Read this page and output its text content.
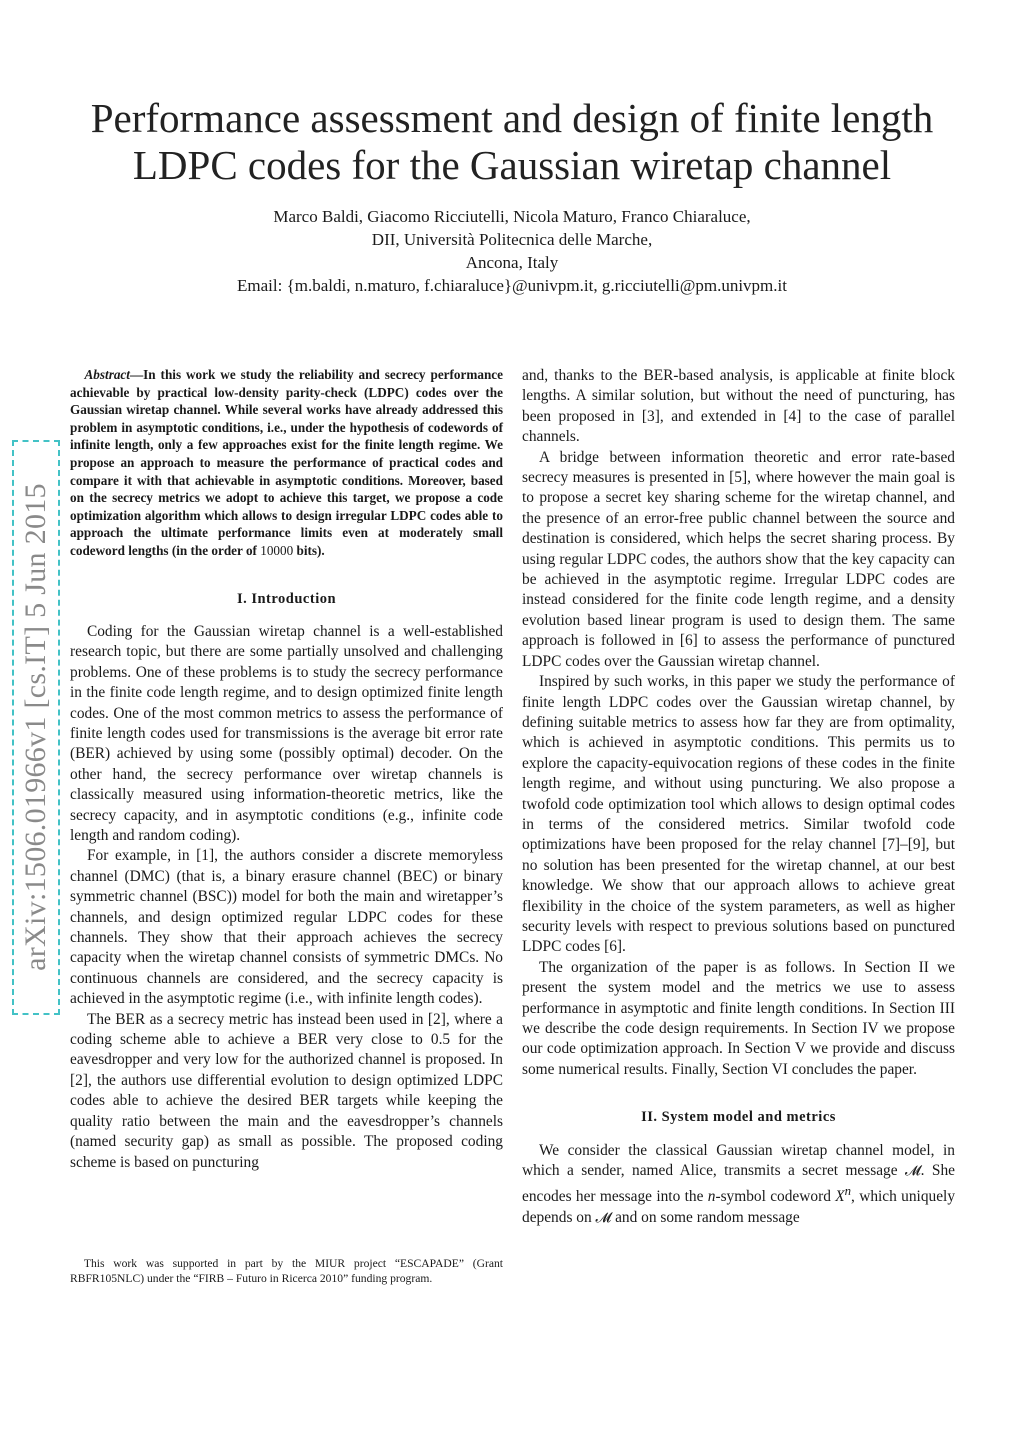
Performance assessment and design of finite length LDPC codes for the Gaussian wiretap channel
Marco Baldi, Giacomo Ricciutelli, Nicola Maturo, Franco Chiaraluce,
DII, Università Politecnica delle Marche,
Ancona, Italy
Email: {m.baldi, n.maturo, f.chiaraluce}@univpm.it, g.ricciutelli@pm.univpm.it
arXiv:1506.01966v1 [cs.IT] 5 Jun 2015

Abstract—In this work we study the reliability and secrecy performance achievable by practical low-density parity-check (LDPC) codes over the Gaussian wiretap channel. While several works have already addressed this problem in asymptotic conditions, i.e., under the hypothesis of codewords of infinite length, only a few approaches exist for the finite length regime. We propose an approach to measure the performance of practical codes and compare it with that achievable in asymptotic conditions. Moreover, based on the secrecy metrics we adopt to achieve this target, we propose a code optimization algorithm which allows to design irregular LDPC codes able to approach the ultimate performance limits even at moderately small codeword lengths (in the order of 10000 bits).

I. Introduction

Coding for the Gaussian wiretap channel is a well-established research topic, but there are some partially unsolved and challenging problems. One of these problems is to study the secrecy performance in the finite code length regime, and to design optimized finite length codes. One of the most common metrics to assess the performance of finite length codes used for transmissions is the average bit error rate (BER) achieved by using some (possibly optimal) decoder. On the other hand, the secrecy performance over wiretap channels is classically measured using information-theoretic metrics, like the secrecy capacity, and in asymptotic conditions (e.g., infinite code length and random coding).

For example, in [1], the authors consider a discrete memoryless channel (DMC) (that is, a binary erasure channel (BEC) or binary symmetric channel (BSC)) model for both the main and wiretapper’s channels, and design optimized regular LDPC codes for these channels. They show that their approach achieves the secrecy capacity when the wiretap channel consists of symmetric DMCs. No continuous channels are considered, and the secrecy capacity is achieved in the asymptotic regime (i.e., with infinite length codes).

The BER as a secrecy metric has instead been used in [2], where a coding scheme able to achieve a BER very close to 0.5 for the eavesdropper and very low for the authorized channel is proposed. In [2], the authors use differential evolution to design optimized LDPC codes able to achieve the desired BER targets while keeping the quality ratio between the main and the eavesdropper’s channels (named security gap) as small as possible. The proposed coding scheme is based on puncturing

This work was supported in part by the MIUR project “ESCAPADE” (Grant RBFR105NLC) under the “FIRB – Futuro in Ricerca 2010” funding program.

and, thanks to the BER-based analysis, is applicable at finite block lengths. A similar solution, but without the need of puncturing, has been proposed in [3], and extended in [4] to the case of parallel channels.

A bridge between information theoretic and error rate-based secrecy measures is presented in [5], where however the main goal is to propose a secret key sharing scheme for the wiretap channel, and the presence of an error-free public channel between the source and destination is considered, which helps the secret sharing process. By using regular LDPC codes, the authors show that the key capacity can be achieved in the asymptotic regime. Irregular LDPC codes are instead considered for the finite code length regime, and a density evolution based linear program is used to design them. The same approach is followed in [6] to assess the performance of punctured LDPC codes over the Gaussian wiretap channel.

Inspired by such works, in this paper we study the performance of finite length LDPC codes over the Gaussian wiretap channel, by defining suitable metrics to assess how far they are from optimality, which is achieved in asymptotic conditions. This permits us to explore the capacity-equivocation regions of these codes in the finite length regime, and without using puncturing. We also propose a twofold code optimization tool which allows to design optimal codes in terms of the considered metrics. Similar twofold code optimizations have been proposed for the relay channel [7]–[9], but no solution has been presented for the wiretap channel, at our best knowledge. We show that our approach allows to achieve great flexibility in the choice of the system parameters, as well as higher security levels with respect to previous solutions based on punctured LDPC codes [6].

The organization of the paper is as follows. In Section II we present the system model and the metrics we use to assess performance in asymptotic and finite length conditions. In Section III we describe the code design requirements. In Section IV we propose our code optimization approach. In Section V we provide and discuss some numerical results. Finally, Section VI concludes the paper.

II. System model and metrics

We consider the classical Gaussian wiretap channel model, in which a sender, named Alice, transmits a secret message 𝓜. She encodes her message into the n-symbol codeword $X^n$, which uniquely depends on 𝓜 and on some random message
